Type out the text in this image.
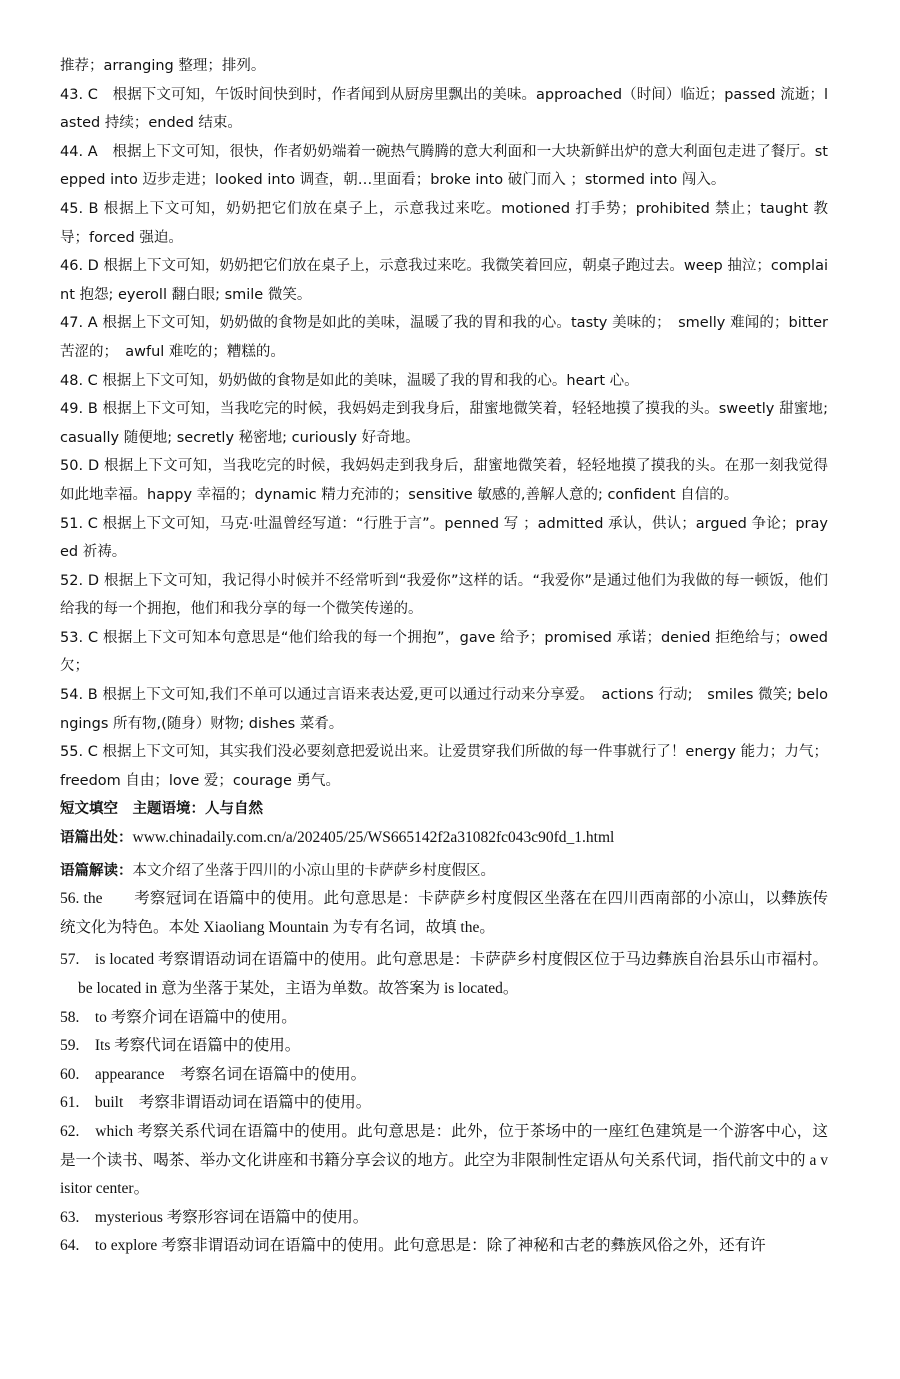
推荐；arranging 整理；排列。

43. C　根据下文可知，午饭时间快到时，作者闻到从厨房里飘出的美味。approached（时间）临近；passed 流逝；lasted 持续；ended 结束。

44. A　根据上下文可知，很快，作者奶奶端着一碗热气腾腾的意大利面和一大块新鲜出炉的意大利面包走进了餐厅。stepped into 迈步走进；looked into 调查，朝…里面看；broke into 破门而入 ；stormed into 闯入。

45. B 根据上下文可知，奶奶把它们放在桌子上，示意我过来吃。motioned 打手势；prohibited 禁止；taught 教导；forced 强迫。

46. D 根据上下文可知，奶奶把它们放在桌子上，示意我过来吃。我微笑着回应，朝桌子跑过去。weep 抽泣；complaint 抱怨; eyeroll 翻白眼; smile 微笑。

47. A 根据上下文可知，奶奶做的食物是如此的美味，温暖了我的胃和我的心。tasty 美味的；　smelly 难闻的；bitter 苦涩的；　awful 难吃的；糟糕的。

48. C 根据上下文可知，奶奶做的食物是如此的美味，温暖了我的胃和我的心。heart 心。

49. B 根据上下文可知，当我吃完的时候，我妈妈走到我身后，甜蜜地微笑着，轻轻地摸了摸我的头。sweetly 甜蜜地; casually 随便地; secretly 秘密地; curiously 好奇地。

50. D 根据上下文可知，当我吃完的时候，我妈妈走到我身后，甜蜜地微笑着，轻轻地摸了摸我的头。在那一刻我觉得如此地幸福。happy 幸福的；dynamic 精力充沛的；sensitive 敏感的,善解人意的; confident 自信的。

51. C 根据上下文可知，马克·吐温曾经写道：“行胜于言”。penned 写 ；admitted 承认，供认；argued 争论；prayed 祈祷。

52. D 根据上下文可知，我记得小时候并不经常听到“我爱你”这样的话。“我爱你”是通过他们为我做的每一顿饭，他们给我的每一个拥抱，他们和我分享的每一个微笑传递的。

53. C 根据上下文可知本句意思是“他们给我的每一个拥抱”，gave 给予；promised 承诺；denied 拒绝给与；owed 欠；

54. B 根据上下文可知,我们不单可以通过言语来表达爱,更可以通过行动来分享爱。　actions 行动;　smiles 微笑; belongings 所有物,(随身）财物; dishes 菜肴。

55. C 根据上下文可知，其实我们没必要刻意把爱说出来。让爱贯穿我们所做的每一件事就行了！energy 能力；力气；freedom 自由；love 爱；courage 勇气。

短文填空　主题语境：人与自然

语篇出处：www.chinadaily.com.cn/a/202405/25/WS665142f2a31082fc043c90fd_1.html

语篇解读：本文介绍了坐落于四川的小凉山里的卡萨萨乡村度假区。

56. the　　考察冠词在语篇中的使用。此句意思是：卡萨萨乡村度假区坐落在在四川西南部的小凉山，以彝族传统文化为特色。本处 Xiaoliang Mountain 为专有名词，故填 the。

57.　is located 考察谓语动词在语篇中的使用。此句意思是：卡萨萨乡村度假区位于马边彝族自治县乐山市福村。be located in 意为坐落于某处，主语为单数。故答案为 is located。

58.　to 考察介词在语篇中的使用。

59.　Its 考察代词在语篇中的使用。

60.　appearance　考察名词在语篇中的使用。

61.　built　考察非谓语动词在语篇中的使用。

62.　which 考察关系代词在语篇中的使用。此句意思是：此外，位于茶场中的一座红色建筑是一个游客中心，这是一个读书、喝茶、举办文化讲座和书籍分享会议的地方。此空为非限制性定语从句关系代词，指代前文中的 a visitor center。

63.　mysterious 考察形容词在语篇中的使用。

64.　to explore 考察非谓语动词在语篇中的使用。此句意思是：除了神秘和古老的彝族风俗之外，还有许
